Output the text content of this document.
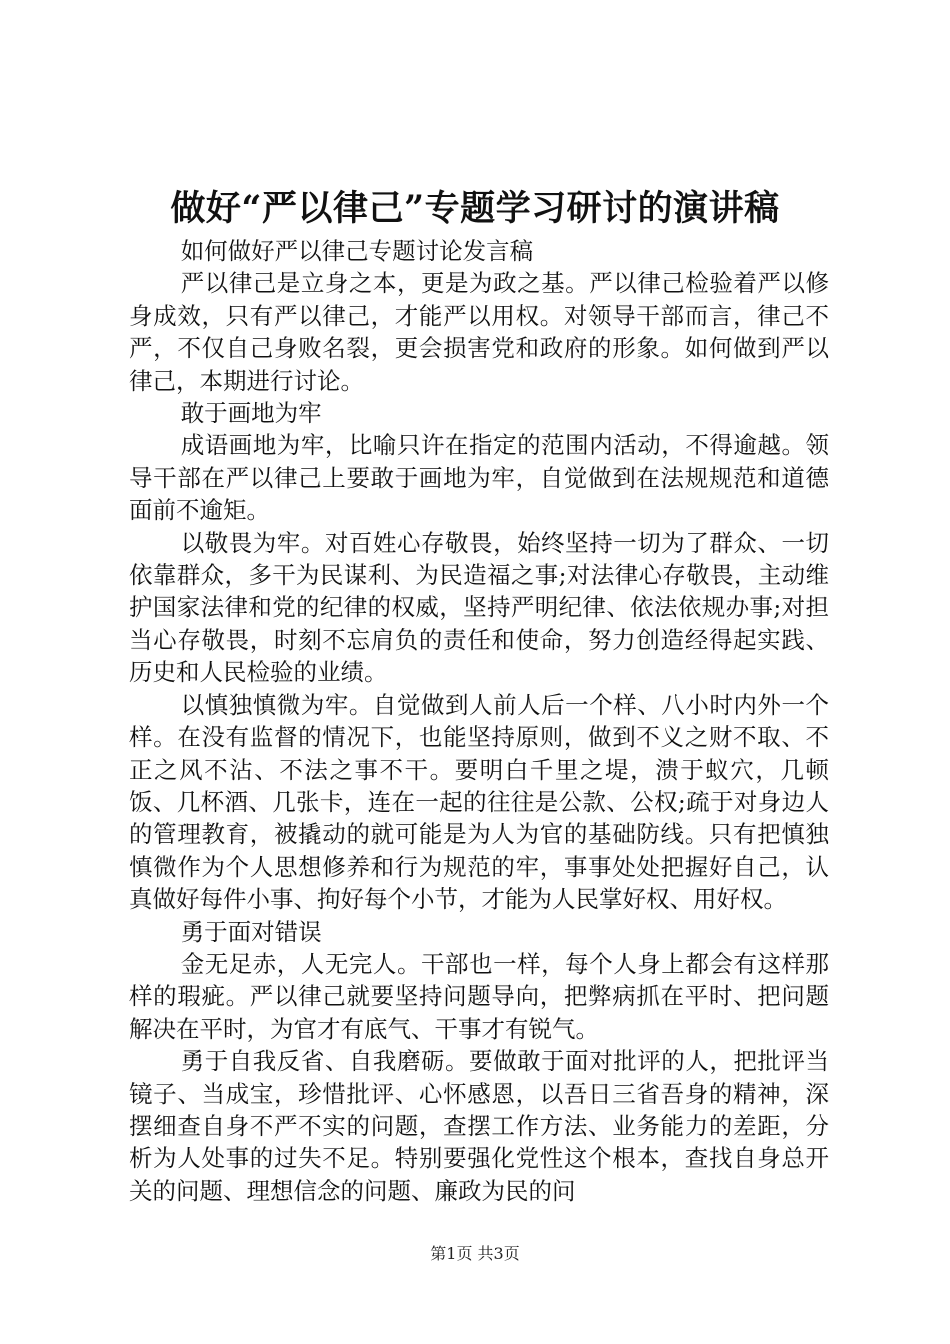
做好“严以律己”专题学习研讨的演讲稿

如何做好严以律己专题讨论发言稿

严以律己是立身之本，更是为政之基。严以律己检验着严以修身成效，只有严以律己，才能严以用权。对领导干部而言，律己不严，不仅自己身败名裂，更会损害党和政府的形象。如何做到严以律己，本期进行讨论。

敢于画地为牢

成语画地为牢，比喻只许在指定的范围内活动，不得逾越。领导干部在严以律己上要敢于画地为牢，自觉做到在法规规范和道德面前不逾矩。

以敬畏为牢。对百姓心存敬畏，始终坚持一切为了群众、一切依靠群众，多干为民谋利、为民造福之事;对法律心存敬畏，主动维护国家法律和党的纪律的权威，坚持严明纪律、依法依规办事;对担当心存敬畏，时刻不忘肩负的责任和使命，努力创造经得起实践、历史和人民检验的业绩。

以慎独慎微为牢。自觉做到人前人后一个样、八小时内外一个样。在没有监督的情况下，也能坚持原则，做到不义之财不取、不正之风不沾、不法之事不干。要明白千里之堤，溃于蚁穴，几顿饭、几杯酒、几张卡，连在一起的往往是公款、公权;疏于对身边人的管理教育，被撬动的就可能是为人为官的基础防线。只有把慎独慎微作为个人思想修养和行为规范的牢，事事处处把握好自己，认真做好每件小事、拘好每个小节，才能为人民掌好权、用好权。

勇于面对错误

金无足赤，人无完人。干部也一样，每个人身上都会有这样那样的瑕疵。严以律己就要坚持问题导向，把弊病抓在平时、把问题解决在平时，为官才有底气、干事才有锐气。

勇于自我反省、自我磨砺。要做敢于面对批评的人，把批评当镜子、当成宝，珍惜批评、心怀感恩，以吾日三省吾身的精神，深摆细查自身不严不实的问题，查摆工作方法、业务能力的差距，分析为人处事的过失不足。特别要强化党性这个根本，查找自身总开关的问题、理想信念的问题、廉政为民的问

第1页 共3页
